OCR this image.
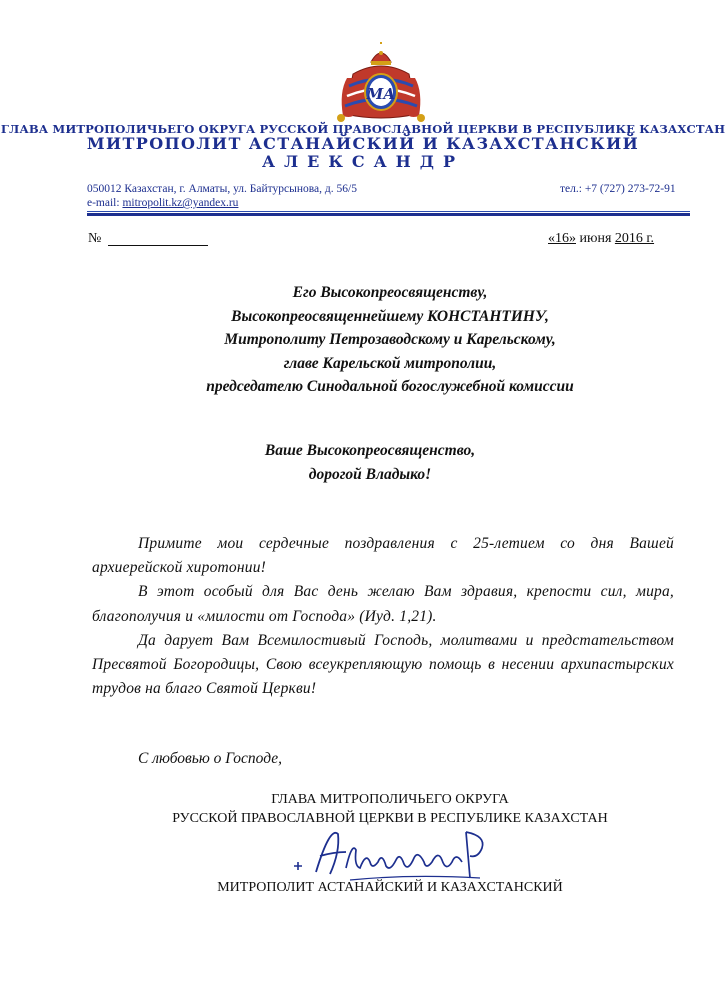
МА
ГЛАВА МИТРОПОЛИЧЬЕГО ОКРУГА РУССКОЙ ПРАВОСЛАВНОЙ ЦЕРКВИ В РЕСПУБЛИКЕ КАЗАХСТАН
МИТРОПОЛИТ АСТАНАЙСКИЙ И КАЗАХСТАНСКИЙ
АЛЕКСАНДР
050012 Казахстан, г. Алматы, ул. Байтурсынова, д. 56/5	тел.: +7 (727) 273-72-91
e-mail: mitropolit.kz@yandex.ru
№	«16» июня 2016 г.
Его Высокопреосвященству,
Высокопреосвященнейшему КОНСТАНТИНУ,
Митрополиту Петрозаводскому и Карельскому,
главе Карельской митрополии,
председателю Синодальной богослужебной комиссии
Ваше Высокопреосвященство,
дорогой Владыко!

Примите мои сердечные поздравления с 25-летием со дня Вашей архиерейской хиротонии!

В этот особый для Вас день желаю Вам здравия, крепости сил, мира, благополучия и «милости от Господа» (Иуд. 1,21).

Да дарует Вам Всемилостивый Господь, молитвами и предстательством Пресвятой Богородицы, Свою всеукрепляющую помощь в несении архипастырских трудов на благо Святой Церкви!

С любовью о Господе,
ГЛАВА МИТРОПОЛИЧЬЕГО ОКРУГА
РУССКОЙ ПРАВОСЛАВНОЙ ЦЕРКВИ В РЕСПУБЛИКЕ КАЗАХСТАН
МИТРОПОЛИТ АСТАНАЙСКИЙ И КАЗАХСТАНСКИЙ
